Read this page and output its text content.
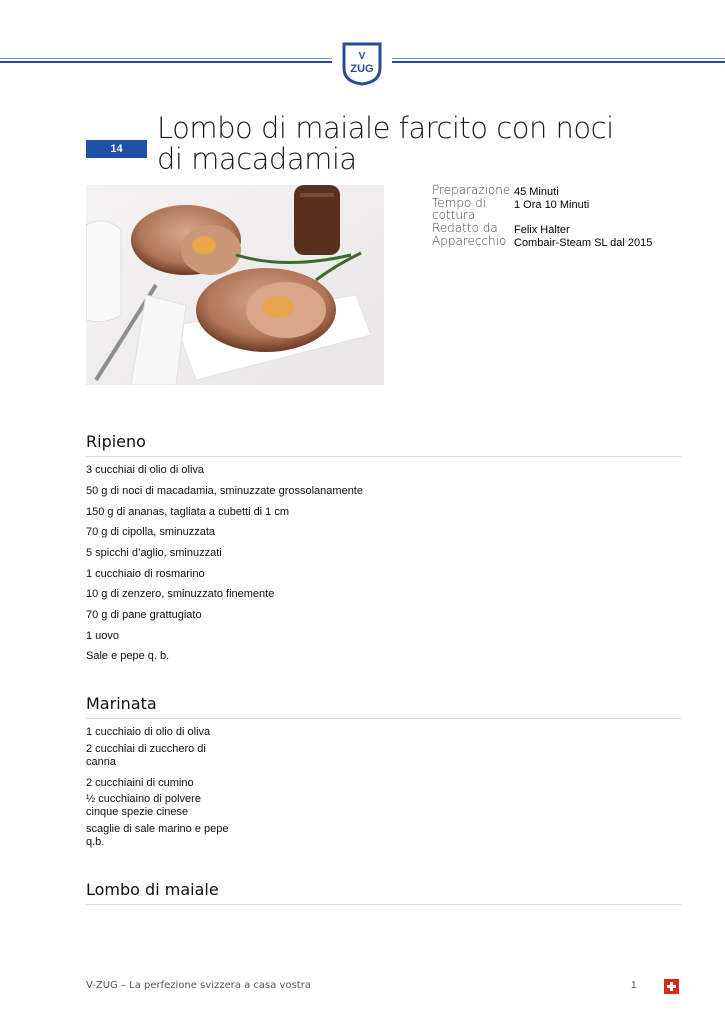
V
ZUG
14
Lombo di maiale farcito con noci di macadamia
Preparazione 45 Minuti
Tempo di cottura
1 Ora 10 Minuti
Redatto da	Felix Halter
Apparecchio Combair-Steam SL dal 2015
Ripieno
3 cucchiai di olio di oliva
50 g di noci di macadamia, sminuzzate grossolanamente
150 g di ananas, tagliata a cubetti di 1 cm
70 g di cipolla, sminuzzata
5 spicchi d’aglio, sminuzzati
1 cucchiaio di rosmarino
10 g di zenzero, sminuzzato finemente
70 g di pane grattugiato
1 uovo
Sale e pepe q. b.
Marinata
1 cucchiaio di olio di oliva
2 cucchiai di zucchero di canna
2 cucchiaini di cumino
½ cucchiaino di polvere cinque spezie cinese
scaglie di sale marino e pepe q.b.
Lombo di maiale
V-ZUG – La perfezione svizzera a casa vostra	1
